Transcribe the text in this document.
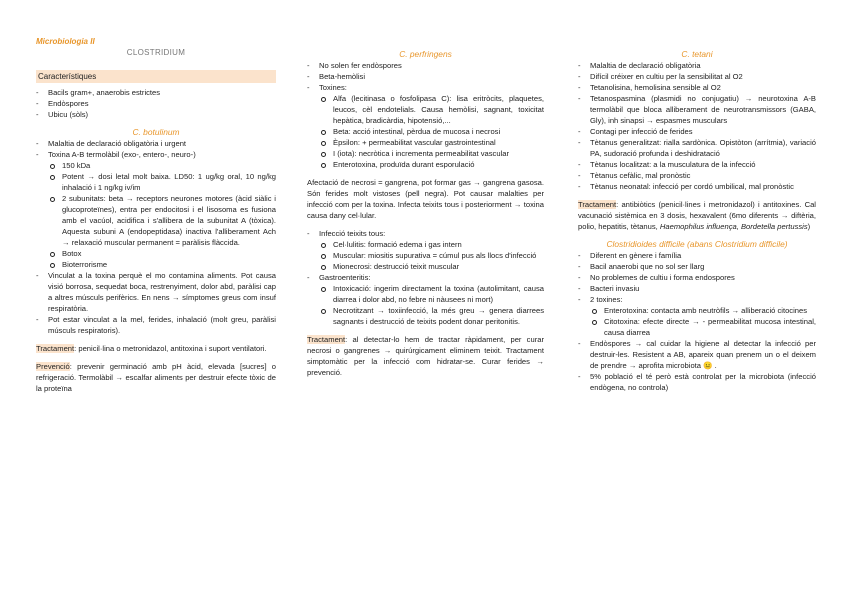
Microbiologia II
CLOSTRIDIUM
Característiques
- Bacils gram+, anaerobis estrictes
- Endòspores
- Ubicu (sòls)
C. botulinum
- Malaltia de declaració obligatòria i urgent
- Toxina A-B termolàbil (exo-, entero-, neuro-)
150 kDa
Potent → dosi letal molt baixa. LD50: 1 ug/kg oral, 10 ng/kg inhalació i 1 ng/kg iv/im
2 subunitats: beta → receptors neurones motores (àcid siàlic i glucoproteïnes), entra per endocitosi i el lisosoma es fusiona amb el vacúol, acidifica i s'allibera de la subunitat A (tòxica). Aquesta subuni A (endopeptidasa) inactiva l'alliberament Ach → relaxació muscular permanent = paràlisis flàccida.
Botox
Bioterrorisme
- Vinculat a la toxina perquè el mo contamina aliments. Pot causa visió borrosa, sequedat boca, restrenyiment, dolor abd, paràlisi cap a altres músculs perifèrics. En nens → símptomes greus com insuf respiratòria.
- Pot estar vinculat a la mel, ferides, inhalació (molt greu, paràlisi músculs respiratoris).

Tractament: penicil·lina o metronidazol, antitoxina i suport ventilatori.

Prevenció: prevenir germinació amb pH àcid, elevada [sucres] o refrigeració. Termolàbil → escalfar aliments per destruir efecte tòxic de la proteïna

C. perfringens
- No solen fer endòspores
- Beta-hemòlisi
- Toxines:
Alfa (lecitinasa o fosfolipasa C): lisa eritròcits, plaquetes, leucos, cèl endotelials. Causa hemòlisi, sagnant, toxicitat hepàtica, bradicàrdia, hipotensió,...
Beta: acció intestinal, pèrdua de mucosa i necrosi
Èpsilon: + permeabilitat vascular gastrointestinal
I (iota): necròtica i incrementa permeabilitat vascular
Enterotoxina, produïda durant esporulació

Afectació de necrosi = gangrena, pot formar gas → gangrena gasosa. Són ferides molt vistoses (pell negra). Pot causar malalties per infecció com per la toxina. Infecta teixits tous i posteriorment → toxina causa dany cel·lular.

- Infecció teixits tous:
Cel·lulitis: formació edema i gas intern
Muscular: miositis supurativa = cúmul pus als llocs d'infecció
Mionecrosi: destrucció teixit muscular
- Gastroenteritis:
Intoxicació: ingerim directament la toxina (autolimitant, causa diarrea i dolor abd, no febre ni nàusees ni mort)
Necrotitzant → toxiinfecció, la més greu → genera diarrees sagnants i destrucció de teixits podent donar peritonitis.

Tractament: al detectar-lo hem de tractar ràpidament, per curar necrosi o gangrenes → quirúrgicament eliminem teixit. Tractament simptomàtic per la infecció com hidratar-se. Curar ferides → prevenció.

C. tetani
- Malaltia de declaració obligatòria
- Difícil créixer en cultiu per la sensibilitat al O2
- Tetanolisina, hemolisina sensible al O2
- Tetanospasmina (plasmidi no conjugatiu) → neurotoxina A-B termolàbil que bloca alliberament de neurotransmissors (GABA, Gly), inh sinapsi → espasmes musculars
- Contagi per infecció de ferides
- Tètanus generalitzat: rialla sardònica. Opistòton (arrítmia), variació PA, sudoració profunda i deshidratació
- Tètanus localitzat: a la musculatura de la infecció
- Tètanus cefàlic, mal pronòstic
- Tètanus neonatal: infecció per cordó umbilical, mal pronòstic

Tractament: antibiòtics (penicil·lines i metronidazol) i antitoxines. Cal vacunació sistèmica en 3 dosis, hexavalent (6mo diferents → diftèria, polio, hepatitis, tètanus, Haemophilus influença, Bordetella pertussis)

Clostridioides difficile (abans Clostridium difficile)
- Diferent en gènere i família
- Bacil anaerobi que no sol ser llarg
- No problemes de cultiu i forma endospores
- Bacteri invasiu
- 2 toxines:
Enterotoxina: contacta amb neutròfils → alliberació citocines
Citotoxina: efecte directe → - permeabilitat mucosa intestinal, causa diarrea
- Endòspores → cal cuidar la higiene al detectar la infecció per destruir-les. Resistent a AB, apareix quan prenem un o el deixem de prendre → aprofita microbiota 😐 .
- 5% població el té però està controlat per la microbiota (infecció endògena, no controla)
